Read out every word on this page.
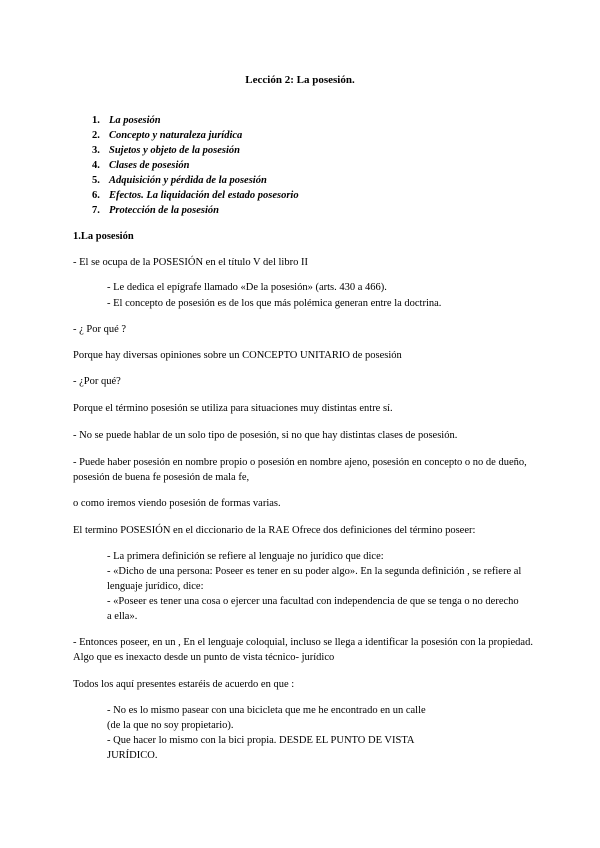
Lección 2: La posesión.
1. La posesión
2. Concepto y naturaleza jurídica
3. Sujetos y objeto de la posesión
4. Clases de posesión
5. Adquisición y pérdida de la posesión
6. Efectos. La liquidación del estado posesorio
7. Protección de la posesión
1.La posesión
- El se ocupa de la POSESIÓN en el título V del libro II
- Le dedica el epígrafe llamado «De la posesión» (arts. 430 a 466).
- El concepto de posesión es de los que más polémica generan entre la doctrina.
- ¿ Por qué ?
Porque hay diversas opiniones sobre un CONCEPTO UNITARIO de posesión
- ¿Por qué?
Porque el término posesión se utiliza para situaciones muy distintas entre sí.
- No se puede hablar de un solo tipo de posesión, si no que hay distintas clases de posesión.
- Puede haber posesión en nombre propio o posesión en nombre ajeno, posesión en concepto o no de dueño, posesión de buena fe posesión de mala fe,
o como iremos viendo posesión de formas varias.
El termino POSESIÓN en el diccionario de la RAE Ofrece dos definiciones del término poseer:
- La primera definición se refiere al lenguaje no jurídico que dice:
- «Dicho de una persona: Poseer es tener en su poder algo». En la segunda definición , se refiere al lenguaje jurídico, dice:
- «Poseer es tener una cosa o ejercer una facultad con independencia de que se tenga o no derecho a ella».
- Entonces poseer, en un , En el lenguaje coloquial, incluso se llega a identificar la posesión con la propiedad. Algo que es inexacto desde un punto de vista técnico- jurídico
Todos los aquí presentes estaréis de acuerdo en que :
- No es lo mismo pasear con una bicicleta que me he encontrado en un calle (de la que no soy propietario).
- Que hacer lo mismo con la bici propia. DESDE EL PUNTO DE VISTA JURÍDICO.
